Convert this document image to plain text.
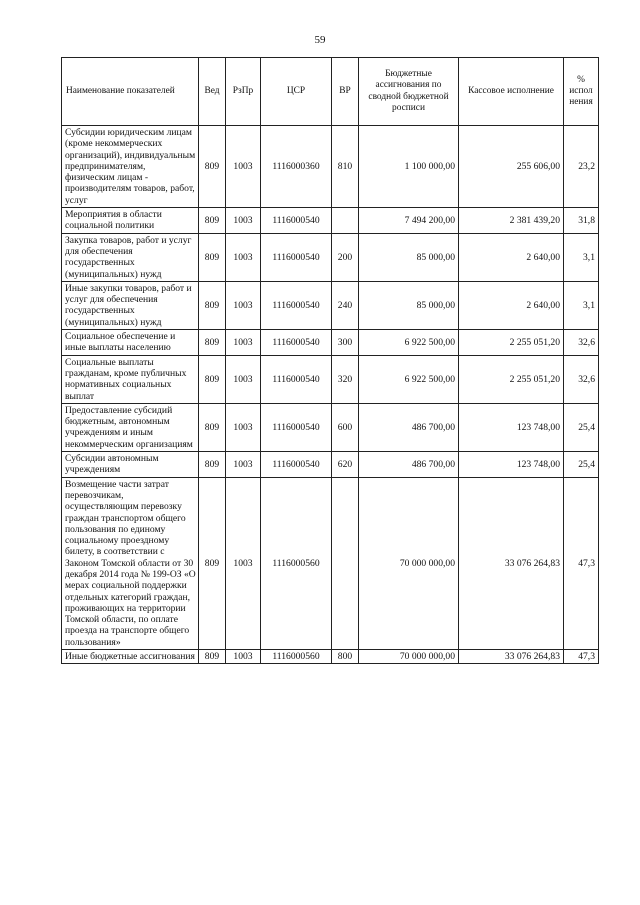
59
Наименование показателей	Вед	РзПр	ЦСР	ВР	Бюджетные ассигнования по сводной бюджетной росписи	Кассовое исполнение	% испол нения
Субсидии юридическим лицам (кроме некоммерческих организаций), индивидуальным предпринимателям, физическим лицам - производителям товаров, работ, услуг	809	1003	1116000360	810	1 100 000,00	255 606,00	23,2
Мероприятия в области социальной политики	809	1003	1116000540		7 494 200,00	2 381 439,20	31,8
Закупка товаров, работ и услуг для обеспечения государственных (муниципальных) нужд	809	1003	1116000540	200	85 000,00	2 640,00	3,1
Иные закупки товаров, работ и услуг для обеспечения государственных (муниципальных) нужд	809	1003	1116000540	240	85 000,00	2 640,00	3,1
Социальное обеспечение и иные выплаты населению	809	1003	1116000540	300	6 922 500,00	2 255 051,20	32,6
Социальные выплаты гражданам, кроме публичных нормативных социальных выплат	809	1003	1116000540	320	6 922 500,00	2 255 051,20	32,6
Предоставление субсидий бюджетным, автономным учреждениям и иным некоммерческим организациям	809	1003	1116000540	600	486 700,00	123 748,00	25,4
Субсидии автономным учреждениям	809	1003	1116000540	620	486 700,00	123 748,00	25,4
Возмещение части затрат перевозчикам, осуществляющим перевозку граждан транспортом общего пользования по единому социальному проездному билету, в соответствии с Законом Томской области от 30 декабря 2014 года № 199-ОЗ «О мерах социальной поддержки отдельных категорий граждан, проживающих на территории Томской области, по оплате проезда на транспорте общего пользования»	809	1003	1116000560		70 000 000,00	33 076 264,83	47,3
Иные бюджетные ассигнования	809	1003	1116000560	800	70 000 000,00	33 076 264,83	47,3
